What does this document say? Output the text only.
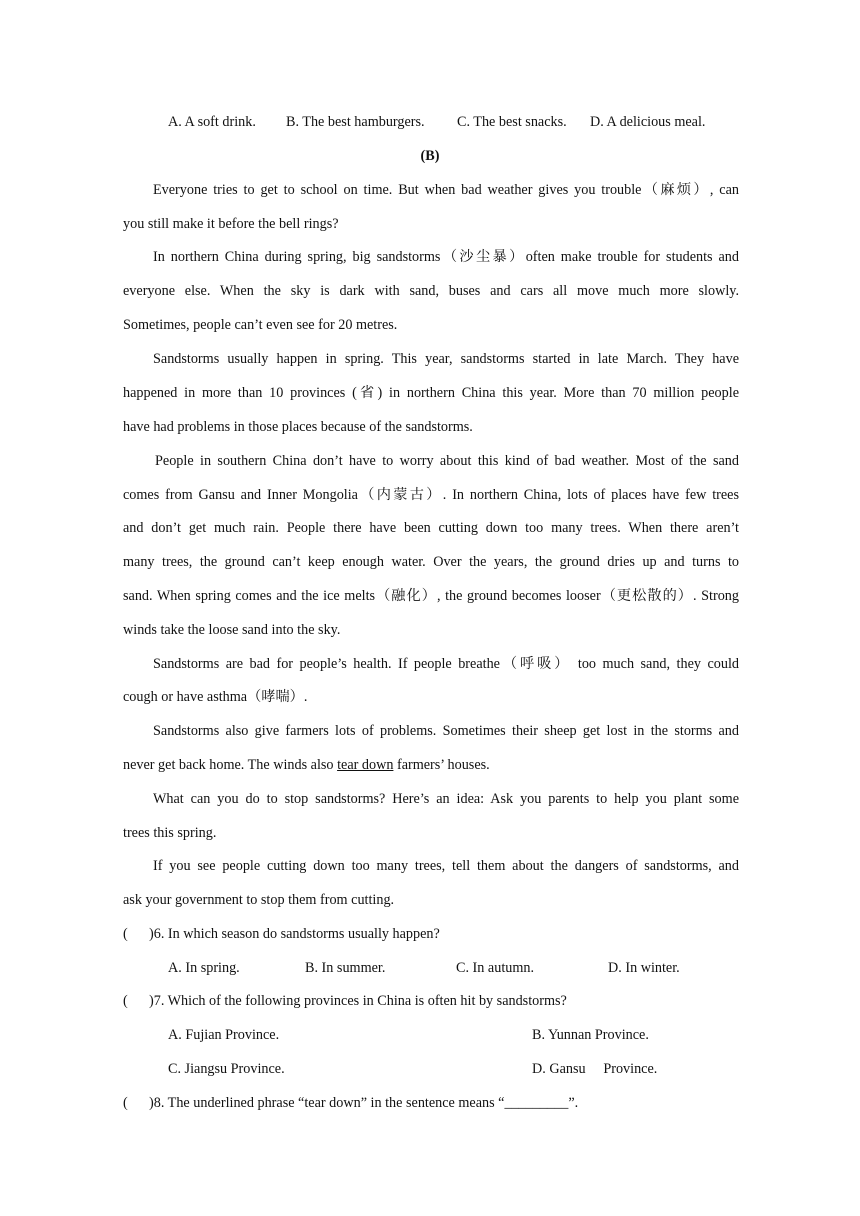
A. A soft drink. B. The best hamburgers. C. The best snacks. D. A delicious meal.
(B)
Everyone tries to get to school on time. But when bad weather gives you trouble（麻烦）, can
you still make it before the bell rings?
In northern China during spring, big sandstorms（沙尘暴）often make trouble for students and
everyone else. When the sky is dark with sand, buses and cars all move much more slowly.
Sometimes, people can’t even see for 20 metres.
Sandstorms usually happen in spring. This year, sandstorms started in late March. They have
happened in more than 10 provinces (省) in northern China this year. More than 70 million people
have had problems in those places because of the sandstorms.
People in southern China don’t have to worry about this kind of bad weather. Most of the sand
comes from Gansu and Inner Mongolia（内蒙古）. In northern China, lots of places have few trees
and don’t get much rain. People there have been cutting down too many trees. When there aren’t
many trees, the ground can’t keep enough water. Over the years, the ground dries up and turns to
sand. When spring comes and the ice melts（融化）, the ground becomes looser（更松散的）. Strong
winds take the loose sand into the sky.
Sandstorms are bad for people’s health. If people breathe（呼吸） too much sand, they could
cough or have asthma（哮喘）.
Sandstorms also give farmers lots of problems. Sometimes their sheep get lost in the storms and
never get back home. The winds also tear down farmers’ houses.
What can you do to stop sandstorms? Here’s an idea: Ask you parents to help you plant some
trees this spring.
If you see people cutting down too many trees, tell them about the dangers of sandstorms, and
ask your government to stop them from cutting.
(      )6. In which season do sandstorms usually happen?
A. In spring.	B. In summer.	C. In autumn.	D. In winter.
(      )7. Which of the following provinces in China is often hit by sandstorms?
A. Fujian Province.	B. Yunnan Province.
C. Jiangsu Province.	D. Gansu     Province.
(      )8. The underlined phrase “tear down” in the sentence means “_________”.
